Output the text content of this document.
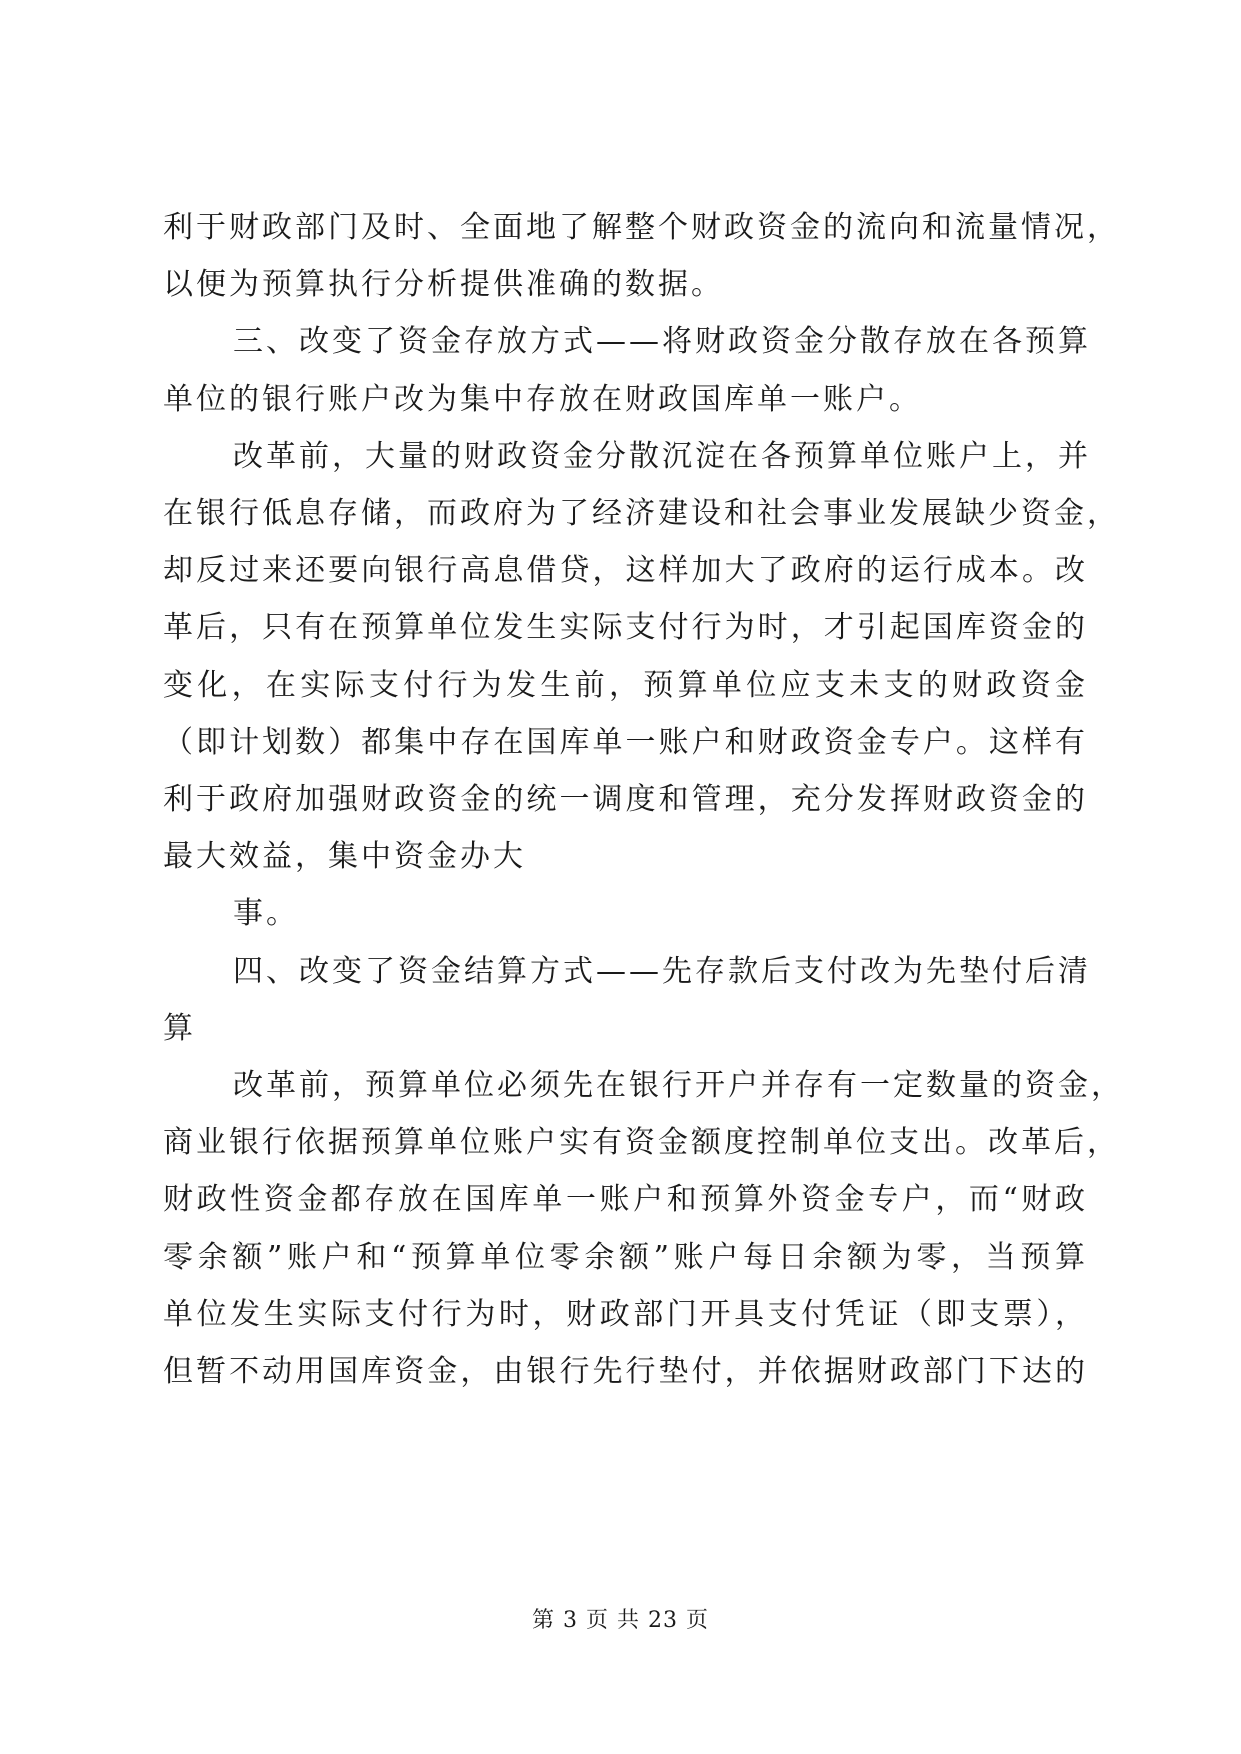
利于财政部门及时、全面地了解整个财政资金的流向和流量情况，
以便为预算执行分析提供准确的数据。
三、改变了资金存放方式——将财政资金分散存放在各预算
单位的银行账户改为集中存放在财政国库单一账户。
改革前，大量的财政资金分散沉淀在各预算单位账户上，并
在银行低息存储，而政府为了经济建设和社会事业发展缺少资金，
却反过来还要向银行高息借贷，这样加大了政府的运行成本。改
革后，只有在预算单位发生实际支付行为时，才引起国库资金的
变化，在实际支付行为发生前，预算单位应支未支的财政资金
（即计划数）都集中存在国库单一账户和财政资金专户。这样有
利于政府加强财政资金的统一调度和管理，充分发挥财政资金的
最大效益，集中资金办大
事。
四、改变了资金结算方式——先存款后支付改为先垫付后清
算
改革前，预算单位必须先在银行开户并存有一定数量的资金，
商业银行依据预算单位账户实有资金额度控制单位支出。改革后，
财政性资金都存放在国库单一账户和预算外资金专户，而“财政
零余额”账户和“预算单位零余额”账户每日余额为零，当预算
单位发生实际支付行为时，财政部门开具支付凭证（即支票），
但暂不动用国库资金，由银行先行垫付，并依据财政部门下达的
第 3 页 共 23 页
